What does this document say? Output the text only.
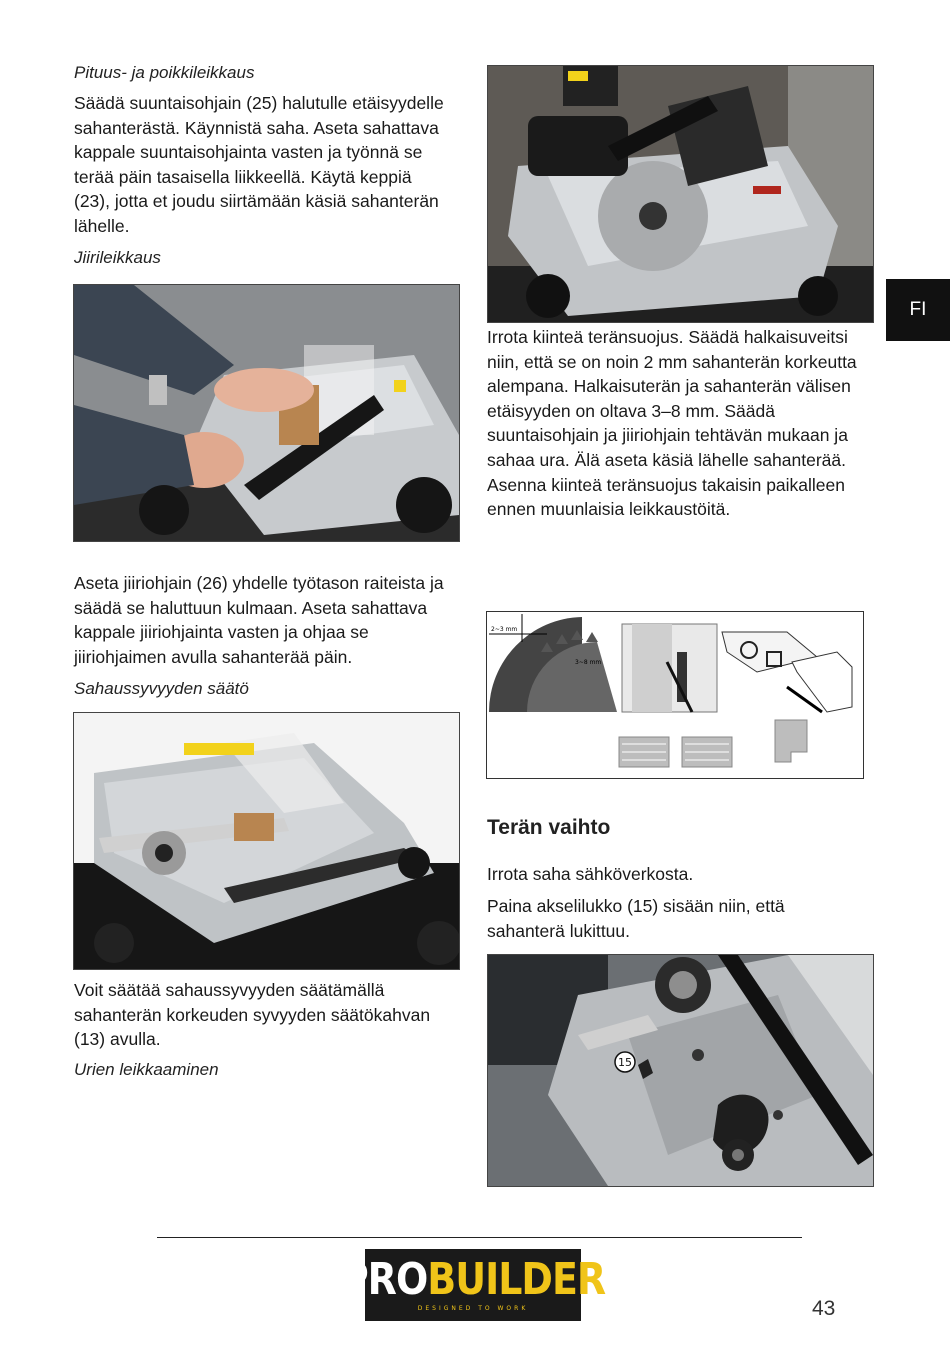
Pituus- ja poikkileikkaus

Säädä suuntaisohjain (25) halutulle etäisyydelle sahanterästä. Käynnistä saha. Aseta sahattava kappale suuntaisohjainta vasten ja työnnä se terää päin tasaisella liikkeellä. Käytä keppiä (23), jotta et joudu siirtämään käsiä sahanterän lähelle.

Jiirileikkaus

Aseta jiiriohjain (26) yhdelle työtason raiteista ja säädä se haluttuun kulmaan. Aseta sahattava kappale jiiriohjainta vasten ja ohjaa se jiiriohjaimen avulla sahanterää päin.

Sahaussyvyyden säätö

Voit säätää sahaussyvyyden säätämällä sahanterän korkeuden syvyyden säätökahvan (13) avulla.

Urien leikkaaminen

Irrota kiinteä teränsuojus. Säädä halkaisuveitsi niin, että se on noin 2 mm sahanterän korkeutta alempana. Halkaisuterän ja sahanterän välisen etäisyyden on oltava 3–8 mm. Säädä suuntaisohjain ja jiiriohjain tehtävän mukaan ja sahaa ura. Älä aseta käsiä lähelle sahanterää. Asenna kiinteä teränsuojus takaisin paikalleen ennen muunlaisia leikkaustöitä.

2~3 mm
3~8 mm
Terän vaihto

Irrota saha sähköverkosta.

Paina akselilukko (15) sisään niin, että sahanterä lukittuu.

15
FI
PROBUILDER
DESIGNED TO WORK	43
